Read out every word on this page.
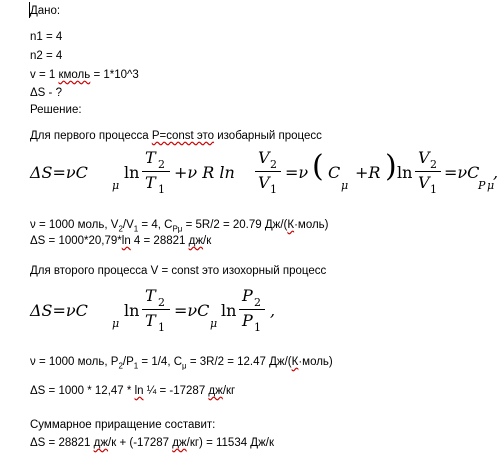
Дано:
n1 = 4
n2 = 4
v = 1 кмоль = 1*10^3
ΔS - ?
Решение:
Для первого процесса P=const это изобарный процесс
ΔS=νC
μ
ln
T 2
T 1
+ν R ln
V 2
V 1
=ν ( C
μ
+R ) ln
V 2
V 1
=νC
P μ
,
ν = 1000 моль, $V_2/V_1 = 4$, $C_{P\mu} = 5R/2 = 20.79$ Дж/(К·моль)
ΔS = 1000*20,79*ln 4 = 28821 дж/к
Для второго процесса V = const это изохорный процесс
ΔS=νC
μ
ln
T 2
T 1
=νC
μ
ln
P 2
P 1
,
ν = 1000 моль, $P_2/P_1 = 1/4$, $C_\mu = 3R/2 = 12.47$ Дж/(К·моль)
ΔS = 1000 * 12,47 * ln ¼ = -17287 дж/кг
Суммарное приращение составит:
ΔS = 28821 дж/к + (-17287 дж/кг) = 11534 Дж/к
